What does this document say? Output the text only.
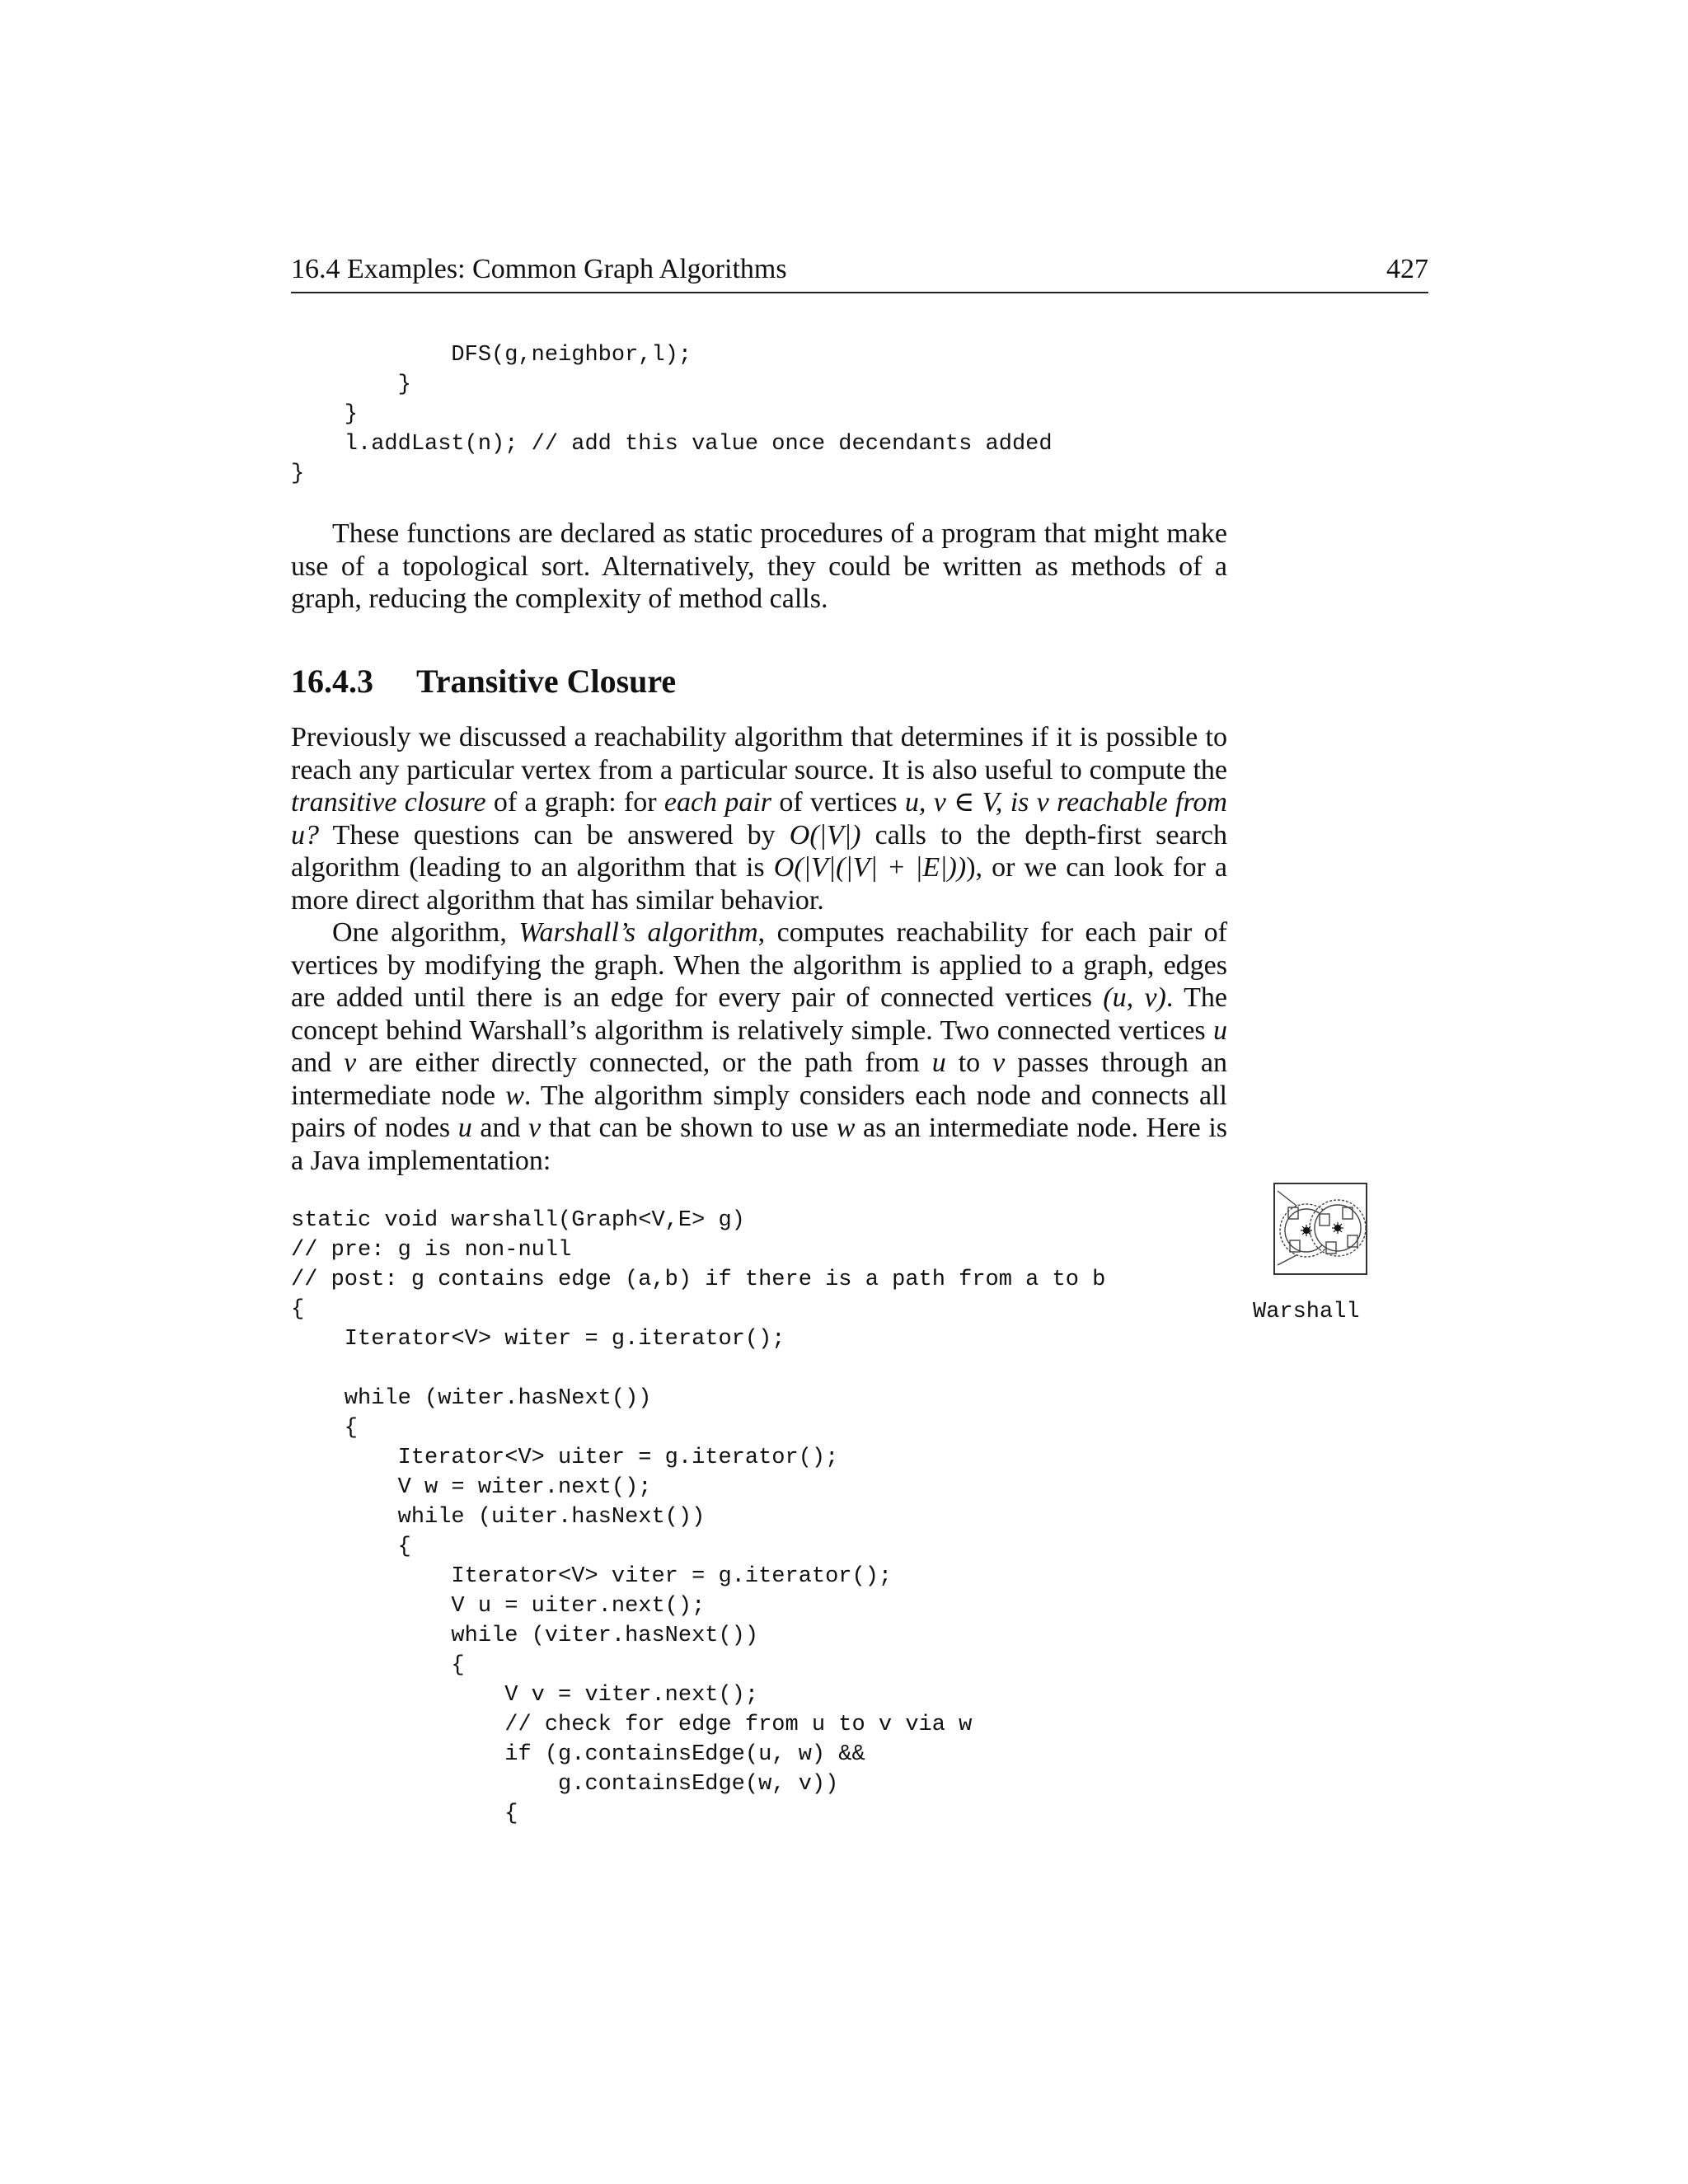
16.4 Examples: Common Graph Algorithms	427
DFS(g,neighbor,l);
}
}
l.addLast(n); // add this value once decendants added
}

These functions are declared as static procedures of a program that might make use of a topological sort. Alternatively, they could be written as methods of a graph, reducing the complexity of method calls.

16.4.3 Transitive Closure

Previously we discussed a reachability algorithm that determines if it is possible to reach any particular vertex from a particular source. It is also useful to compute the transitive closure of a graph: for each pair of vertices u, v ∈ V, is v reachable from u? These questions can be answered by O(|V|) calls to the depth-first search algorithm (leading to an algorithm that is O(|V|(|V| + |E|))), or we can look for a more direct algorithm that has similar behavior.

One algorithm, Warshall’s algorithm, computes reachability for each pair of vertices by modifying the graph. When the algorithm is applied to a graph, edges are added until there is an edge for every pair of connected vertices (u, v). The concept behind Warshall’s algorithm is relatively simple. Two connected vertices u and v are either directly connected, or the path from u to v passes through an intermediate node w. The algorithm simply considers each node and connects all pairs of nodes u and v that can be shown to use w as an intermediate node. Here is a Java implementation:

static void warshall(Graph<V,E> g)
// pre: g is non-null
// post: g contains edge (a,b) if there is a path from a to b
{
Iterator<V> witer = g.iterator();

while (witer.hasNext())
{
Iterator<V> uiter = g.iterator();
V w = witer.next();
while (uiter.hasNext())
{
Iterator<V> viter = g.iterator();
V u = uiter.next();
while (viter.hasNext())
{
V v = viter.next();
// check for edge from u to v via w
if (g.containsEdge(u, w) &&
g.containsEdge(w, v))
{
Warshall
